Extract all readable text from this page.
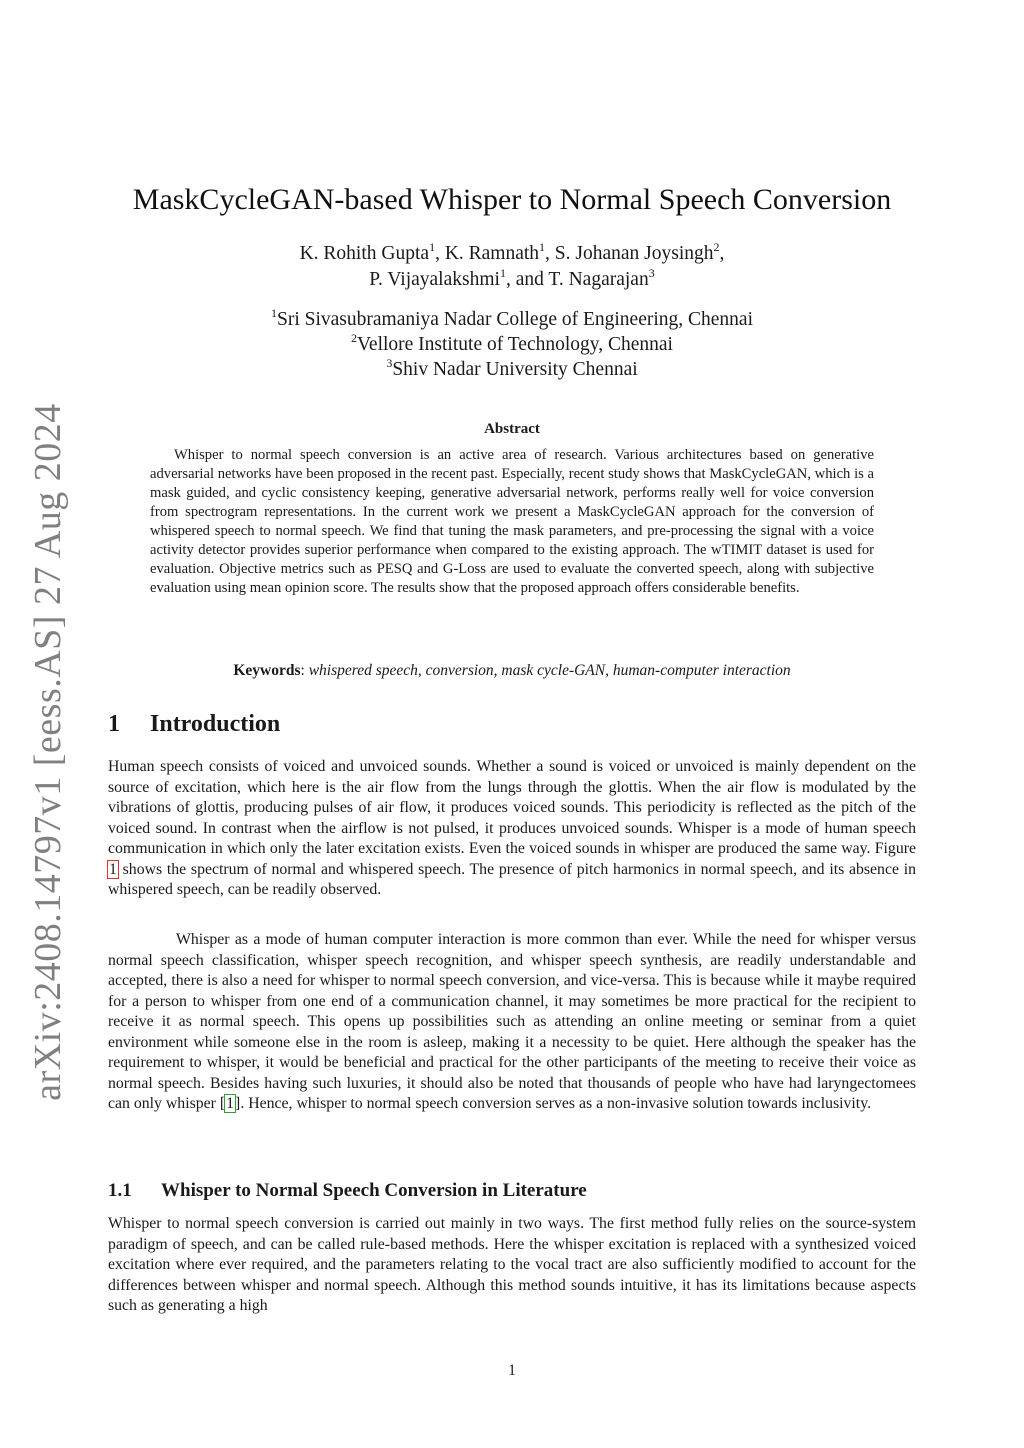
arXiv:2408.14797v1 [eess.AS] 27 Aug 2024
MaskCycleGAN-based Whisper to Normal Speech Conversion
K. Rohith Gupta$^1$, K. Ramnath$^1$, S. Johanan Joysingh$^2$,
P. Vijayalakshmi$^1$, and T. Nagarajan$^3$
$^1$Sri Sivasubramaniya Nadar College of Engineering, Chennai
$^2$Vellore Institute of Technology, Chennai
$^3$Shiv Nadar University Chennai
Abstract
Whisper to normal speech conversion is an active area of research. Various architectures based on generative adversarial networks have been proposed in the recent past. Especially, recent study shows that MaskCycleGAN, which is a mask guided, and cyclic consistency keeping, generative adversarial network, performs really well for voice conversion from spectrogram representations. In the current work we present a MaskCycleGAN approach for the conversion of whispered speech to normal speech. We find that tuning the mask parameters, and pre-processing the signal with a voice activity detector provides superior performance when compared to the existing approach. The wTIMIT dataset is used for evaluation. Objective metrics such as PESQ and G-Loss are used to evaluate the converted speech, along with subjective evaluation using mean opinion score. The results show that the proposed approach offers considerable benefits.
Keywords: whispered speech, conversion, mask cycle-GAN, human-computer interaction
1 Introduction
Human speech consists of voiced and unvoiced sounds. Whether a sound is voiced or unvoiced is mainly dependent on the source of excitation, which here is the air flow from the lungs through the glottis. When the air flow is modulated by the vibrations of glottis, producing pulses of air flow, it produces voiced sounds. This periodicity is reflected as the pitch of the voiced sound. In contrast when the airflow is not pulsed, it produces unvoiced sounds. Whisper is a mode of human speech communication in which only the later excitation exists. Even the voiced sounds in whisper are produced the same way. Figure 1 shows the spectrum of normal and whispered speech. The presence of pitch harmonics in normal speech, and its absence in whispered speech, can be readily observed.
Whisper as a mode of human computer interaction is more common than ever. While the need for whisper versus normal speech classification, whisper speech recognition, and whisper speech synthesis, are readily understandable and accepted, there is also a need for whisper to normal speech conversion, and vice-versa. This is because while it maybe required for a person to whisper from one end of a communication channel, it may sometimes be more practical for the recipient to receive it as normal speech. This opens up possibilities such as attending an online meeting or seminar from a quiet environment while someone else in the room is asleep, making it a necessity to be quiet. Here although the speaker has the requirement to whisper, it would be beneficial and practical for the other participants of the meeting to receive their voice as normal speech. Besides having such luxuries, it should also be noted that thousands of people who have had laryngectomees can only whisper [1]. Hence, whisper to normal speech conversion serves as a non-invasive solution towards inclusivity.
1.1 Whisper to Normal Speech Conversion in Literature
Whisper to normal speech conversion is carried out mainly in two ways. The first method fully relies on the source-system paradigm of speech, and can be called rule-based methods. Here the whisper excitation is replaced with a synthesized voiced excitation where ever required, and the parameters relating to the vocal tract are also sufficiently modified to account for the differences between whisper and normal speech. Although this method sounds intuitive, it has its limitations because aspects such as generating a high
1
